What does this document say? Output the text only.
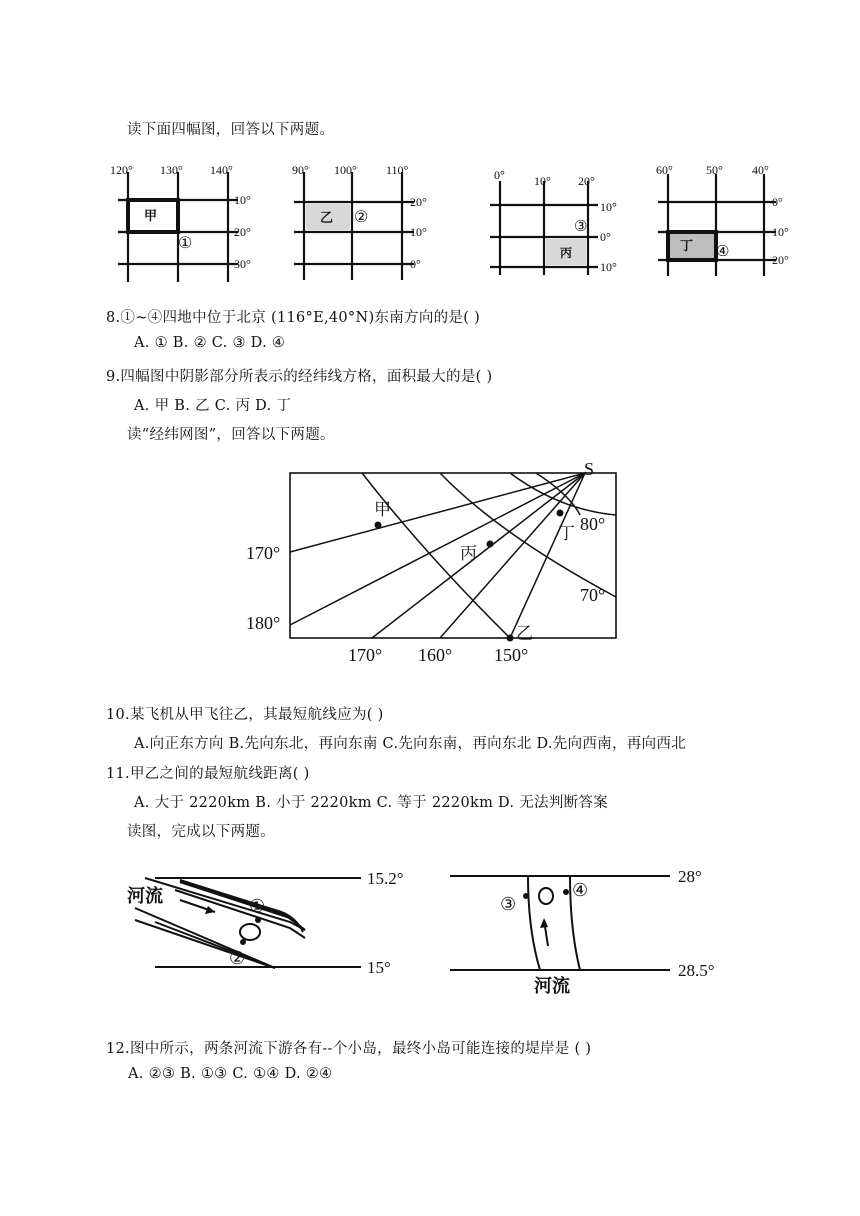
读下面四幅图，回答以下两题。
120° 130° 140°
10°
20°
30°
甲
①
90° 100° 110°
20°
10°
0°
乙 ②
0° 10° 20°
10°
0°
10°
丙
③
60°	50° 40°
0°
10°
20°
丁 ④
8.①~④四地中位于北京 (116°E,40°N)东南方向的是( )
A. ① B. ② C. ③ D. ④
9.四幅图中阴影部分所表示的经纬线方格，面积最大的是( )
A. 甲 B. 乙 C. 丙 D. 丁
读“经纬网图”，回答以下两题。
S
80°
70°
170°
180°
170° 160° 150°
甲
乙
丙
丁
10.某飞机从甲飞往乙，其最短航线应为( )
A.向正东方向 B.先向东北，再向东南 C.先向东南，再向东北 D.先向西南，再向西北
11.甲乙之间的最短航线距离( )
A. 大于 2220km B. 小于 2220km C. 等于 2220km D. 无法判断答案
读图，完成以下两题。
河流
15.2°
15°
①
②
河流
28°
28.5°
③
④
12.图中所示，两条河流下游各有--个小岛，最终小岛可能连接的堤岸是 ( )
A. ②③ B. ①③ C. ①④ D. ②④
